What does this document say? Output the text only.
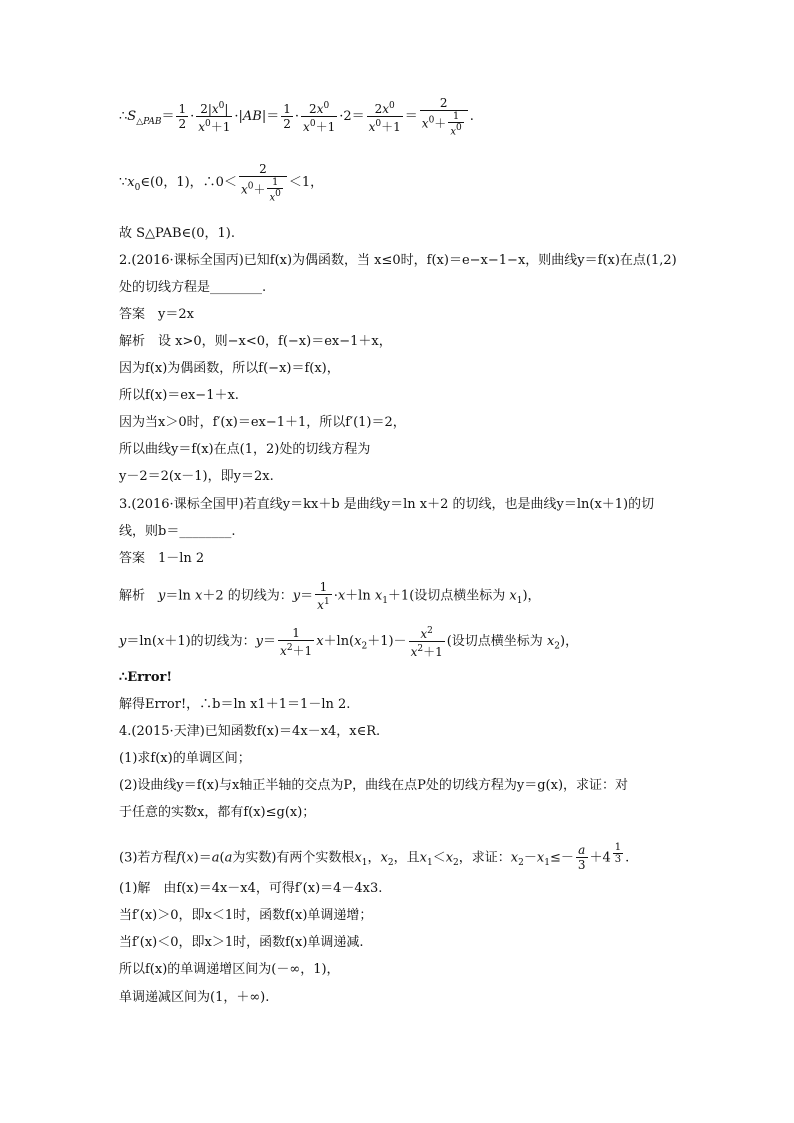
$\therefore S_{\triangle PAB}= \frac{1}{2} \cdot \frac{2|x^0|}{x^0+1} \cdot|AB|= \frac{1}{2} \cdot \frac{2x^0}{x^0+1} \cdot 2= \frac{2x^0}{x^0+1} = \frac{2}{x^0+ \frac{1}{x^0}}$ .
$\because x_0\in(0$，1)，∴0＜ $\frac{2}{x^0+ \frac{1}{x^0}} <1$，
故 S△PAB∈(0，1).
2.(2016·课标全国丙)已知f(x)为偶函数，当 x≤0时，f(x)＝e−x−1−x，则曲线y＝f(x)在点(1,2)
处的切线方程是________.
答案　y＝2x
解析　设 x>0，则−x<0，f(−x)＝ex−1＋x，
因为f(x)为偶函数，所以f(−x)＝f(x)，
所以f(x)＝ex−1＋x.
因为当x＞0时，f′(x)＝ex−1＋1，所以f′(1)＝2，
所以曲线y＝f(x)在点(1，2)处的切线方程为
y－2＝2(x－1)，即y＝2x.
3.(2016·课标全国甲)若直线y＝kx＋b 是曲线y＝ln x＋2 的切线，也是曲线y＝ln(x＋1)的切
线，则b＝________.
答案　1－ln 2
解析　y＝ln x＋2 的切线为：$y= \frac{1}{x^1} \cdot x+\ln$ $x_1+1$(设切点横坐标为 $x_1$)，
y＝ln(x＋1)的切线为：$y= \frac{1}{x^2+1} x+\ln(x_2+1)- \frac{x^2}{x^2+1}$ (设切点横坐标为 $x_2$)，
∴Error!
解得Error!，∴b＝ln x1＋1＝1－ln 2.
4.(2015·天津)已知函数f(x)＝4x－x4，x∈R.
(1)求f(x)的单调区间；
(2)设曲线y＝f(x)与x轴正半轴的交点为P，曲线在点P处的切线方程为y＝g(x)，求证：对
于任意的实数x，都有f(x)≤g(x)；
(3)若方程f(x)＝a(a为实数)有两个实数根$x_1$，$x_2$，且$x_1<x_2$，求证：$x_2-x_1\le- \frac{a}{3} +4$ $^{\frac{1}{3}}$ .
(1)解　由f(x)＝4x－x4，可得f′(x)＝4－4x3.
当f′(x)＞0，即x＜1时，函数f(x)单调递增；
当f′(x)＜0，即x＞1时，函数f(x)单调递减.
所以f(x)的单调递增区间为(－∞，1)，
单调递减区间为(1，＋∞).
